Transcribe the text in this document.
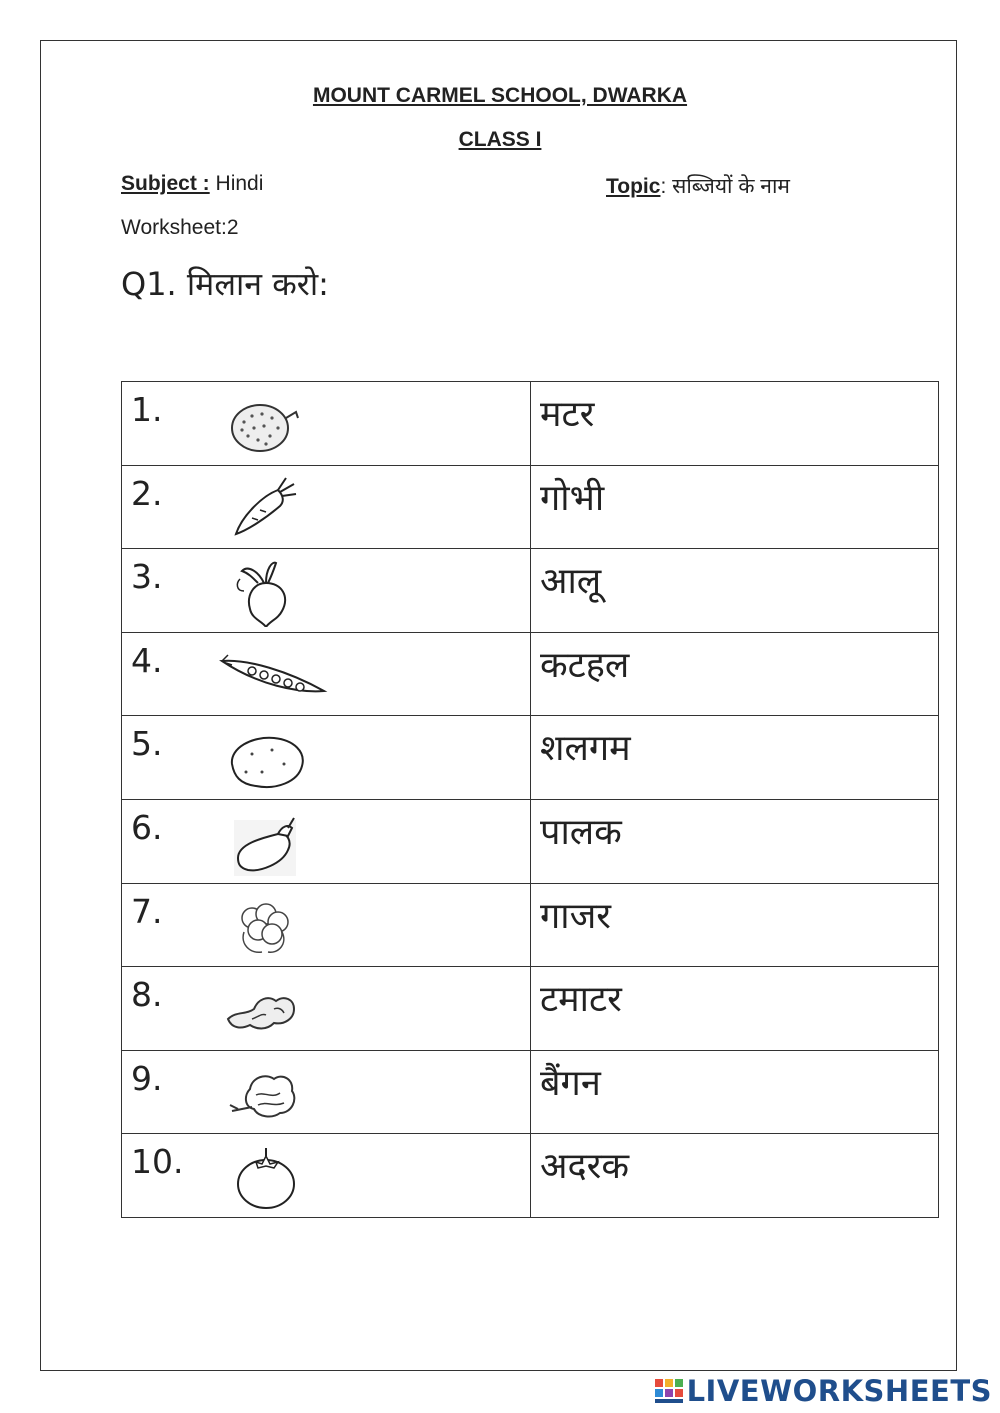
MOUNT CARMEL SCHOOL, DWARKA
CLASS I
Subject : Hindi	Topic: सब्जियों के नाम
Worksheet:2
Q1. मिलान करो:
1.	मटर

2.	गोभी

3.	आलू

4.	कटहल

5.	शलगम

6.	पालक

7.	गाजर

8.	टमाटर

9.	बैंगन

10.	अदरक
LIVEWORKSHEETS
